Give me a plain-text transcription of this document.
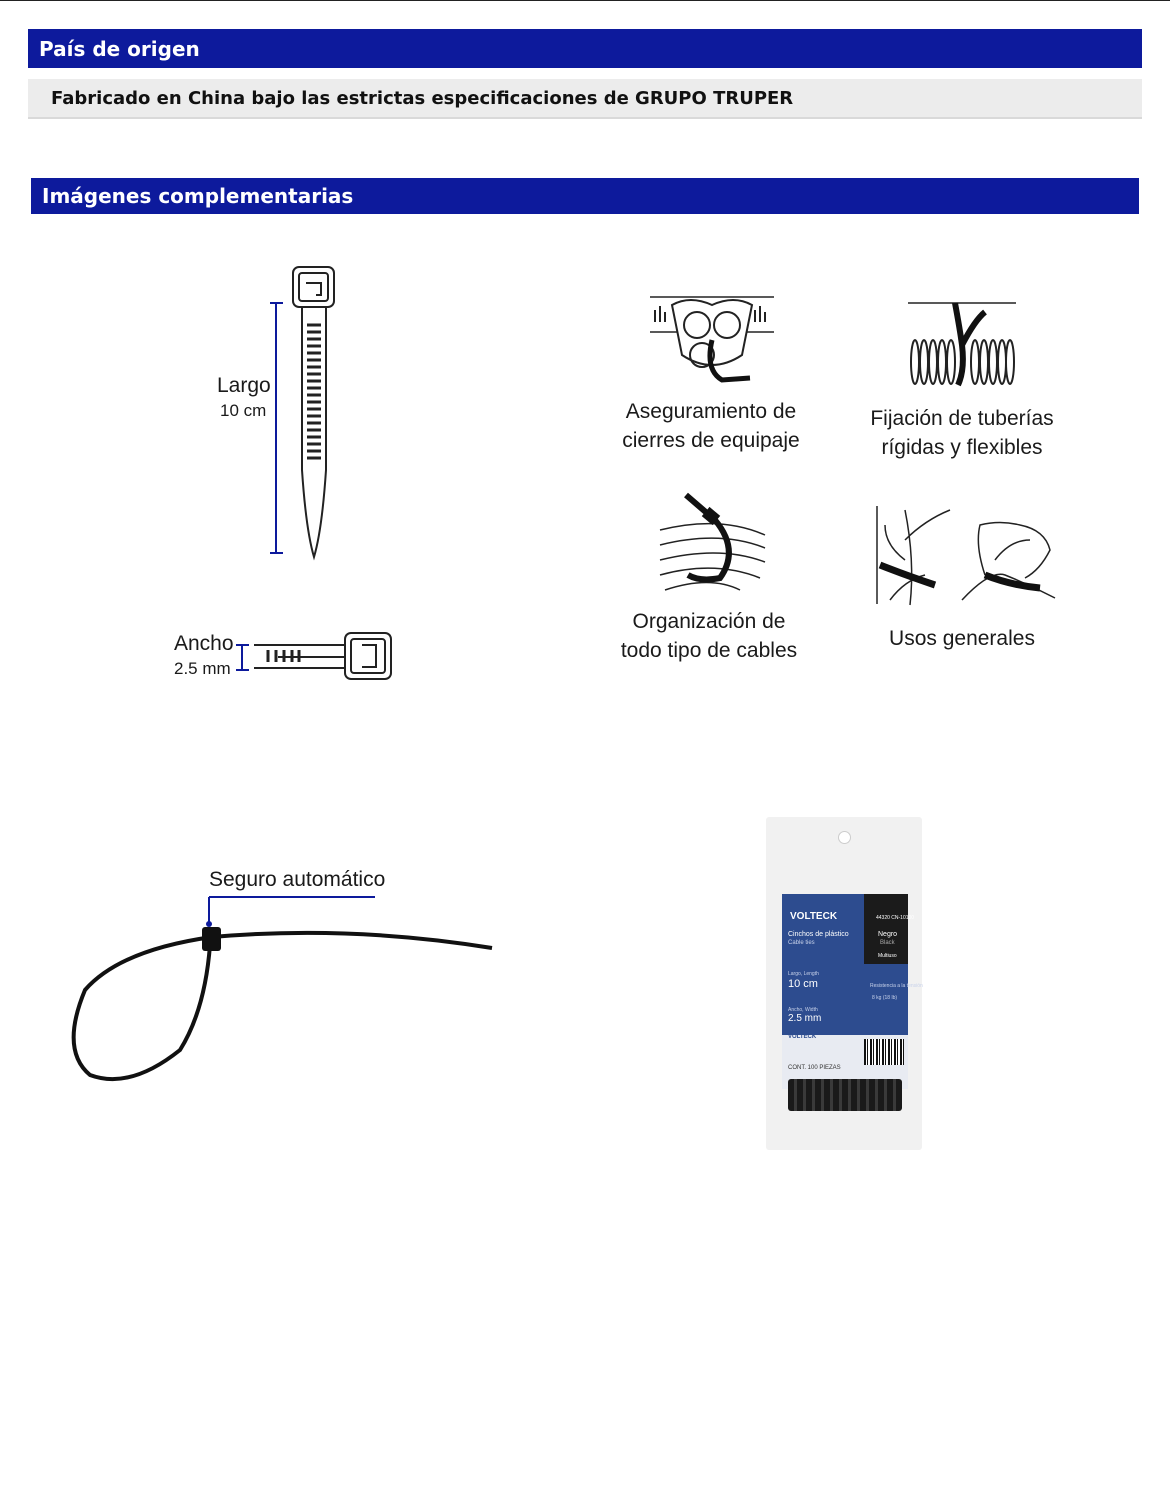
País de origen
Fabricado en China bajo las estrictas especificaciones de GRUPO TRUPER
Imágenes complementarias
Largo
10 cm
Ancho
2.5 mm
Seguro automático
Aseguramiento de
cierres de equipaje
Fijación de tuberías
rígidas y flexibles
Organización de
todo tipo de cables
Usos generales
VOLTECK
Cinchos de plástico
Cable ties
44320 CN-10100
Negro
Black
Multiuso
Largo, Length
10 cm	Resistencia a la tensión
8 kg (18 lb)
Ancho, Width
2.5 mm
VOLTECK
CONT. 100 PIEZAS
